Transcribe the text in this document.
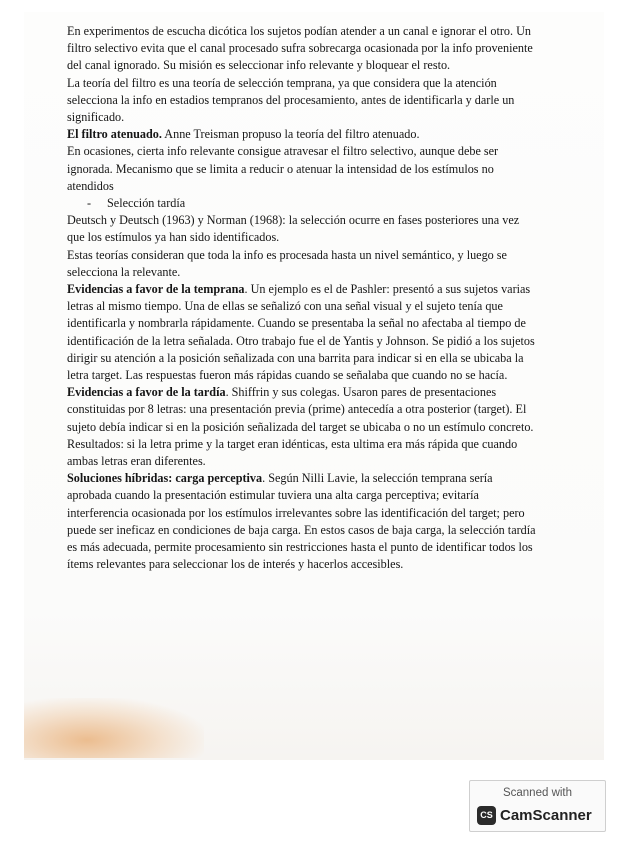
En experimentos de escucha dicótica los sujetos podían atender a un canal e ignorar el otro. Un filtro selectivo evita que el canal procesado sufra sobrecarga ocasionada por la info proveniente del canal ignorado. Su misión es seleccionar info relevante y bloquear el resto.

La teoría del filtro es una teoría de selección temprana, ya que considera que la atención selecciona la info en estadios tempranos del procesamiento, antes de identificarla y darle un significado.

El filtro atenuado. Anne Treisman propuso la teoría del filtro atenuado.

En ocasiones, cierta info relevante consigue atravesar el filtro selectivo, aunque debe ser ignorada. Mecanismo que se limita a reducir o atenuar la intensidad de los estímulos no atendidos

- Selección tardía

Deutsch y Deutsch (1963) y Norman (1968): la selección ocurre en fases posteriores una vez que los estímulos ya han sido identificados.

Estas teorías consideran que toda la info es procesada hasta un nivel semántico, y luego se selecciona la relevante.

Evidencias a favor de la temprana. Un ejemplo es el de Pashler: presentó a sus sujetos varias letras al mismo tiempo. Una de ellas se señalizó con una señal visual y el sujeto tenía que identificarla y nombrarla rápidamente. Cuando se presentaba la señal no afectaba al tiempo de identificación de la letra señalada. Otro trabajo fue el de Yantis y Johnson. Se pidió a los sujetos dirigir su atención a la posición señalizada con una barrita para indicar si en ella se ubicaba la letra target. Las respuestas fueron más rápidas cuando se señalaba que cuando no se hacía.

Evidencias a favor de la tardía. Shiffrin y sus colegas. Usaron pares de presentaciones constituidas por 8 letras: una presentación previa (prime) antecedía a otra posterior (target). El sujeto debía indicar si en la posición señalizada del target se ubicaba o no un estímulo concreto. Resultados: si la letra prime y la target eran idénticas, esta ultima era más rápida que cuando ambas letras eran diferentes.

Soluciones híbridas: carga perceptiva. Según Nilli Lavie, la selección temprana sería aprobada cuando la presentación estimular tuviera una alta carga perceptiva; evitaría interferencia ocasionada por los estímulos irrelevantes sobre las identificación del target; pero puede ser ineficaz en condiciones de baja carga. En estos casos de baja carga, la selección tardía es más adecuada, permite procesamiento sin restricciones hasta el punto de identificar todos los ítems relevantes para seleccionar los de interés y hacerlos accesibles.

Scanned with
CS CamScanner
